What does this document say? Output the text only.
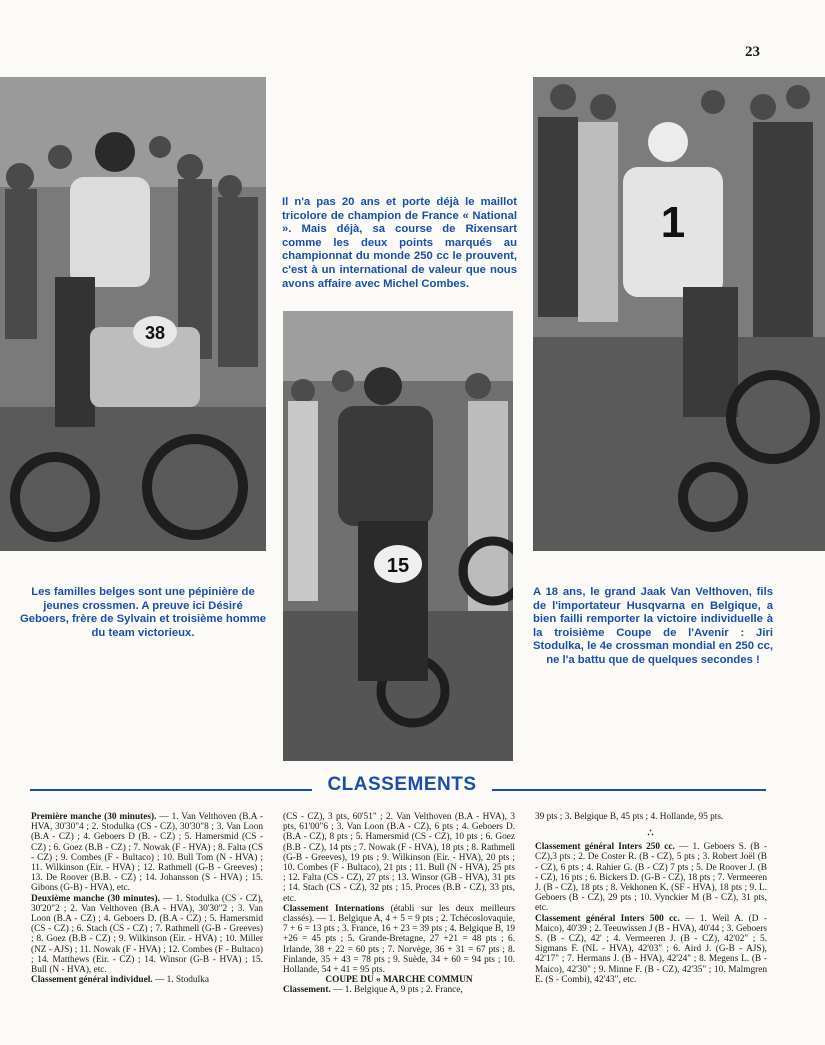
23
38
15
1
Il n'a pas 20 ans et porte déjà le maillot tricolore de champion de France « National ». Mais déjà, sa course de Rixensart comme les deux points marqués au championnat du monde 250 cc le prouvent, c'est à un international de valeur que nous avons affaire avec Michel Combes.
Les familles belges sont une pépinière de jeunes crossmen. A preuve ici Désiré Geboers, frère de Sylvain et troisième homme du team victorieux.
A 18 ans, le grand Jaak Van Velthoven, fils de l'importateur Husqvarna en Belgique, a bien failli remporter la victoire individuelle à la troisième Coupe de l'Avenir : Jiri Stodulka, le 4e crossman mondial en 250 cc, ne l'a battu que de quelques secondes !
CLASSEMENTS

Première manche (30 minutes). — 1. Van Velthoven (B.A - HVA, 30'30"4 ; 2. Stodulka (CS - CZ), 30'30"8 ; 3. Van Loon (B.A - CZ) ; 4. Geboers D (B. - CZ) ; 5. Hamersmid (CS - CZ) ; 6. Goez (B.B - CZ) ; 7. Nowak (F - HVA) ; 8. Falta (CS - CZ) ; 9. Combes (F - Bultaco) ; 10. Bull Tom (N - HVA) ; 11. Wilkinson (Eir. - HVA) ; 12. Rathmell (G-B - Greeves) ; 13. De Roover (B.B. - CZ) ; 14. Johansson (S - HVA) ; 15. Gibons (G-B) - HVA), etc.

Deuxième manche (30 minutes). — 1. Stodulka (CS - CZ), 30'20"2 ; 2. Van Velthoven (B.A - HVA), 30'30"2 ; 3. Van Loon (B.A - CZ) ; 4. Geboers D. (B.A - CZ) ; 5. Hamersmid (CS - CZ) ; 6. Stach (CS - CZ) ; 7. Rathmell (G-B - Greeves) ; 8. Goez (B.B - CZ) ; 9. Wilkinson (Eir. - HVA) ; 10. Miller (NZ - AJS) ; 11. Nowak (F - HVA) ; 12. Combes (F - Bultaco) ; 14. Matthews (Eir. - CZ) ; 14. Winsor (G-B - HVA) ; 15. Bull (N - HVA), etc.

Classement général individuel. — 1. Stodulka

(CS - CZ), 3 pts, 60'51" ; 2. Van Velthoven (B.A - HVA), 3 pts, 61'00"6 ; 3. Van Loon (B.A - CZ), 6 pts ; 4. Geboers D. (B.A - CZ), 8 pts ; 5. Hamersmid (CS - CZ), 10 pts ; 6. Goez (B.B - CZ), 14 pts ; 7. Nowak (F - HVA), 18 pts ; 8. Rathmell (G-B - Greeves), 19 pts ; 9. Wilkinson (Eir. - HVA), 20 pts ; 10. Combes (F - Bultaco), 21 pts ; 11. Bull (N - HVA), 25 pts ; 12. Falta (CS - CZ), 27 pts ; 13. Winsor (GB - HVA), 31 pts ; 14. Stach (CS - CZ), 32 pts ; 15. Proces (B.B - CZ), 33 pts, etc.

Classement Internations (établi sur les deux meilleurs classés). — 1. Belgique A, 4 + 5 = 9 pts ; 2. Tchécoslovaquie, 7 + 6 = 13 pts ; 3. France, 16 + 23 = 39 pts ; 4. Belgique B, 19 +26 = 45 pts ; 5. Grande-Bretagne, 27 +21 = 48 pts ; 6. Irlande, 38 + 22 = 60 pts ; 7. Norvège, 36 + 31 = 67 pts ; 8. Finlande, 35 + 43 = 78 pts ; 9. Suède, 34 + 60 = 94 pts ; 10. Hollande, 54 + 41 = 95 pts.

COUPE DU « MARCHE COMMUN

Classement. — 1. Belgique A, 9 pts ; 2. France,

39 pts ; 3. Belgique B, 45 pts ; 4. Hollande, 95 pts.

∴

Classement général Inters 250 cc. — 1. Geboers S. (B - CZ),3 pts ; 2. De Coster R. (B - CZ), 5 pts ; 3. Robert Joël (B - CZ), 6 pts ; 4. Rahier G. (B - CZ) 7 pts ; 5. De Roover J. (B - CZ), 16 pts ; 6. Bickers D. (G-B - CZ), 18 pts ; 7. Vermeeren J. (B - CZ), 18 pts ; 8. Vekhonen K. (SF - HVA), 18 pts ; 9. L. Geboers (B - CZ), 29 pts ; 10. Vynckier M (B - CZ), 31 pts, etc.

Classement général Inters 500 cc. — 1. Weil A. (D - Maico), 40'39 ; 2. Teeuwissen J (B - HVA), 40'44 ; 3. Geboers S. (B - CZ), 42' ; 4. Vermeeren J. (B - CZ), 42'02" ; 5. Sigmans F. (NL - HVA), 42'03" ; 6. Aird J. (G-B - AJS), 42'17" ; 7. Hermans J. (B - HVA), 42'24" ; 8. Megens L. (B - Maico), 42'30" ; 9. Minne F. (B - CZ), 42'35" ; 10. Malmgren E. (S - Combi), 42'43", etc.
